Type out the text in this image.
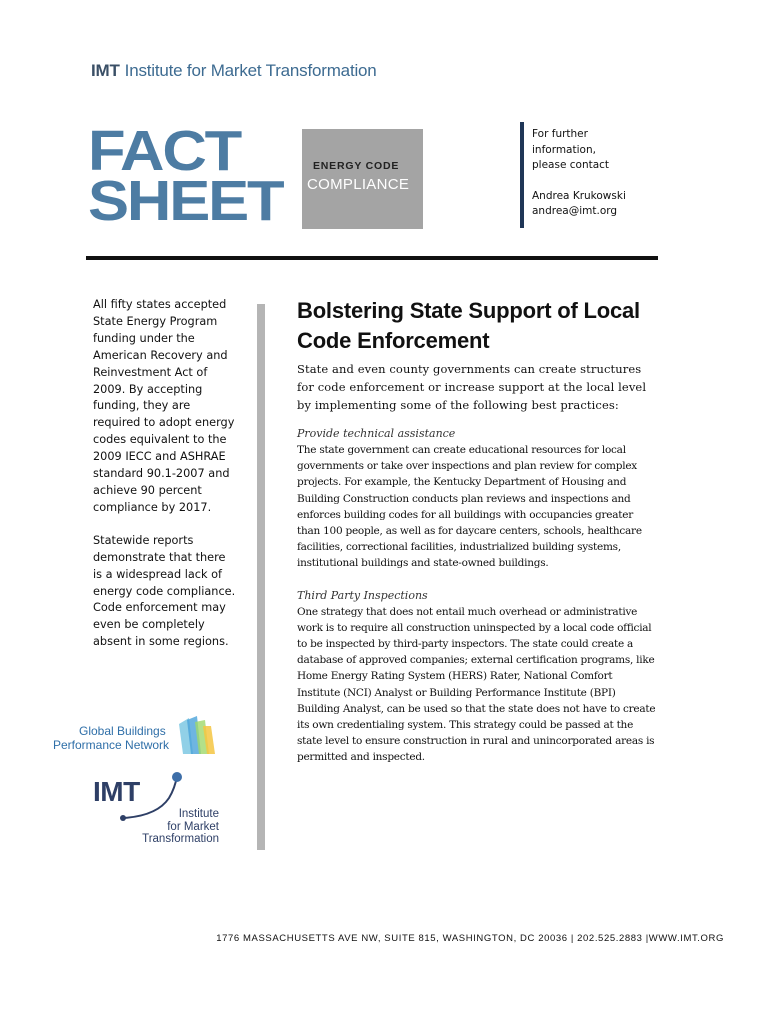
IMT Institute for Market Transformation
FACT
SHEET
ENERGY CODE
COMPLIANCE
For further
information,
please contact
Andrea Krukowski
andrea@imt.org

All fifty states accepted State Energy Program funding under the American Recovery and Reinvestment Act of 2009. By accepting funding, they are required to adopt energy codes equivalent to the 2009 IECC and ASHRAE standard 90.1-2007 and achieve 90 percent compliance by 2017.

Statewide reports demonstrate that there is a widespread lack of energy code compliance. Code enforcement may even be completely absent in some regions.

Global Buildings
Performance Network
IMT
Institute
for Market
Transformation
Bolstering State Support of Local Code Enforcement

State and even county governments can create structures for code enforcement or increase support at the local level by implementing some of the following best practices:

Provide technical assistance

The state government can create educational resources for local governments or take over inspections and plan review for complex projects. For example, the Kentucky Department of Housing and Building Construction conducts plan reviews and inspections and enforces building codes for all buildings with occupancies greater than 100 people, as well as for daycare centers, schools, healthcare facilities, correctional facilities, industrialized building systems, institutional buildings and state-owned buildings.

Third Party Inspections

One strategy that does not entail much overhead or administrative work is to require all construction uninspected by a local code official to be inspected by third-party inspectors. The state could create a database of approved companies; external certification programs, like Home Energy Rating System (HERS) Rater, National Comfort Institute (NCI) Analyst or Building Performance Institute (BPI) Building Analyst, can be used so that the state does not have to create its own credentialing system. This strategy could be passed at the state level to ensure construction in rural and unincorporated areas is permitted and inspected.

1776 MASSACHUSETTS AVE NW, SUITE 815, WASHINGTON, DC 20036 | 202.525.2883 |WWW.IMT.ORG
